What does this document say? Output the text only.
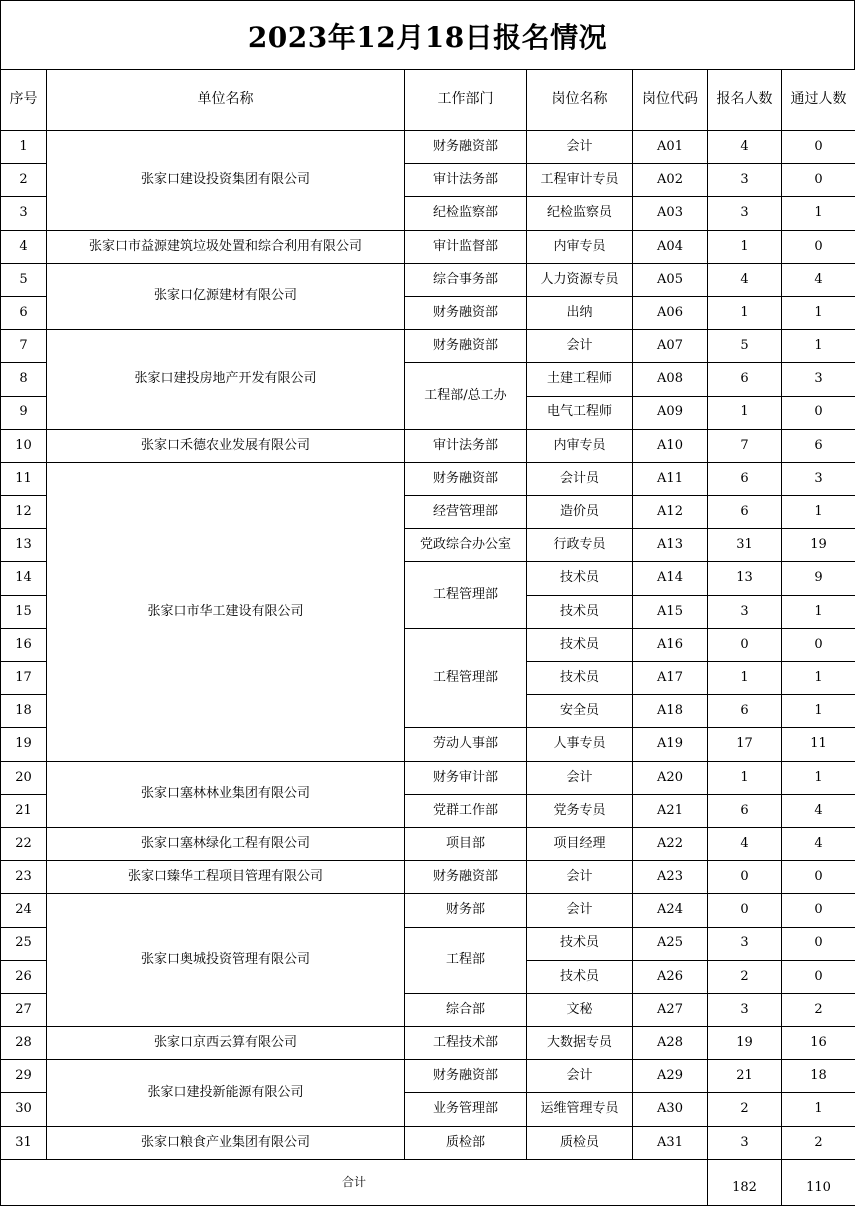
2023年12月18日报名情况
序号	单位名称	工作部门	岗位名称	岗位代码	报名人数	通过人数
1	张家口建设投资集团有限公司	财务融资部	会计	A01	4	0
2		审计法务部	工程审计专员	A02	3	0
3		纪检监察部	纪检监察员	A03	3	1
4	张家口市益源建筑垃圾处置和综合利用有限公司	审计监督部	内审专员	A04	1	0
5	张家口亿源建材有限公司	综合事务部	人力资源专员	A05	4	4
6		财务融资部	出纳	A06	1	1
7	张家口建投房地产开发有限公司	财务融资部	会计	A07	5	1
8		工程部/总工办	土建工程师	A08	6	3
9			电气工程师	A09	1	0
10	张家口禾德农业发展有限公司	审计法务部	内审专员	A10	7	6
11	张家口市华工建设有限公司	财务融资部	会计员	A11	6	3
12		经营管理部	造价员	A12	6	1
13		党政综合办公室	行政专员	A13	31	19
14		工程管理部	技术员	A14	13	9
15			技术员	A15	3	1
16		工程管理部	技术员	A16	0	0
17			技术员	A17	1	1
18			安全员	A18	6	1
19		劳动人事部	人事专员	A19	17	11
20	张家口塞林林业集团有限公司	财务审计部	会计	A20	1	1
21		党群工作部	党务专员	A21	6	4
22	张家口塞林绿化工程有限公司	项目部	项目经理	A22	4	4
23	张家口臻华工程项目管理有限公司	财务融资部	会计	A23	0	0
24	张家口奥城投资管理有限公司	财务部	会计	A24	0	0
25		工程部	技术员	A25	3	0
26			技术员	A26	2	0
27		综合部	文秘	A27	3	2
28	张家口京西云算有限公司	工程技术部	大数据专员	A28	19	16
29	张家口建投新能源有限公司	财务融资部	会计	A29	21	18
30		业务管理部	运维管理专员	A30	2	1
31	张家口粮食产业集团有限公司	质检部	质检员	A31	3	2
合计					182	110
